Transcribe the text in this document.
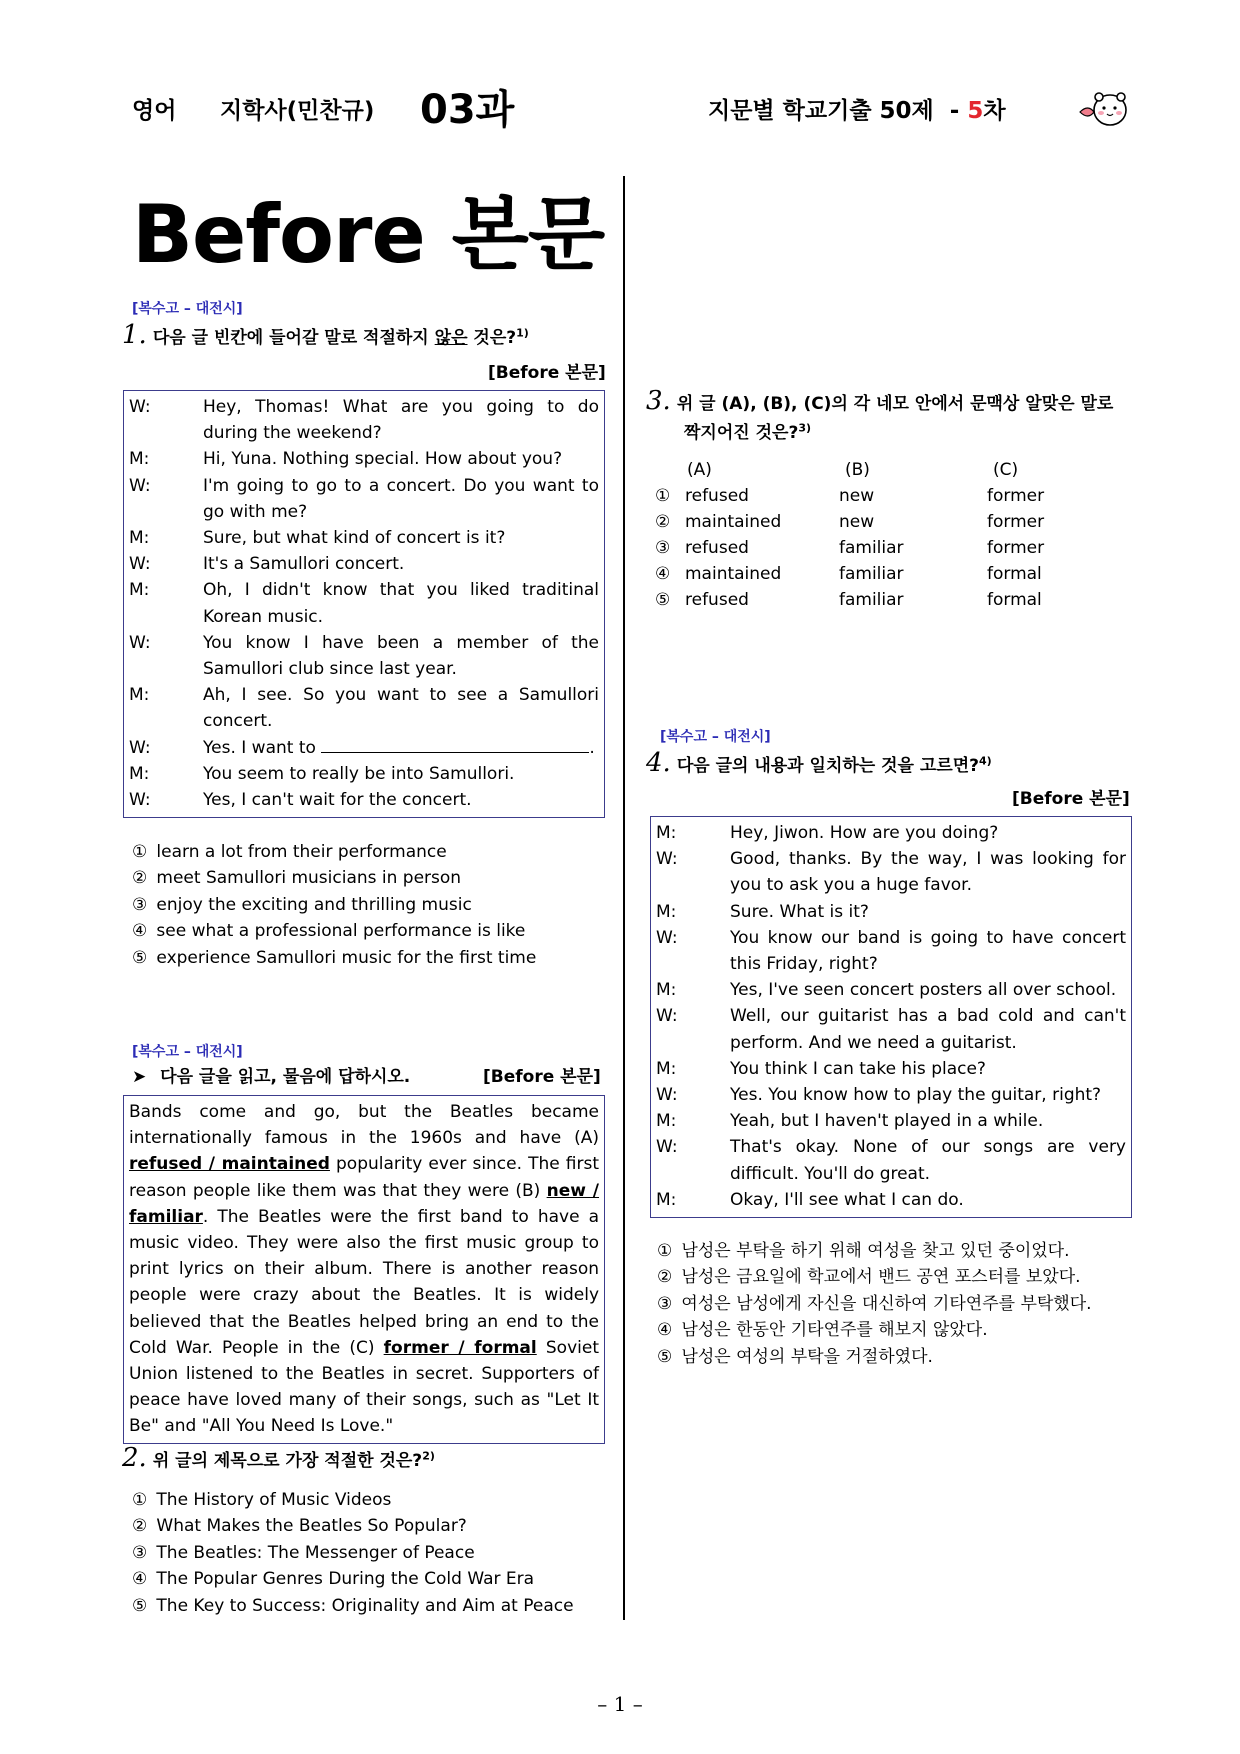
영어 지학사(민찬규) 03과	지문별 학교기출 50제 - 5차
Before 본문
[복수고 – 대전시]
1. 다음 글 빈칸에 들어갈 말로 적절하지 않은 것은?$^{1)}$
[Before 본문]
W:	Hey, Thomas! What are you going to do during the weekend?
M:	Hi, Yuna. Nothing special. How about you?
W:	I'm going to go to a concert. Do you want to go with me?
M:	Sure, but what kind of concert is it?
W:	It's a Samullori concert.
M:	Oh, I didn't know that you liked traditinal Korean music.
W:	You know I have been a member of the Samullori club since last year.
M:	Ah, I see. So you want to see a Samullori concert.
W:	Yes. I want to	.
M:	You seem to really be into Samullori.
W:	Yes, I can't wait for the concert.
① learn a lot from their performance
② meet Samullori musicians in person
③ enjoy the exciting and thrilling music
④ see what a professional performance is like
⑤ experience Samullori music for the first time
[복수고 – 대전시]
➤ 다음 글을 읽고, 물음에 답하시오.	[Before 본문]
Bands come and go, but the Beatles became internationally famous in the 1960s and have (A) refused / maintained popularity ever since. The first reason people like them was that they were (B) new / familiar. The Beatles were the first band to have a music video. They were also the first music group to print lyrics on their album. There is another reason people were crazy about the Beatles. It is widely believed that the Beatles helped bring an end to the Cold War. People in the (C) former / formal Soviet Union listened to the Beatles in secret. Supporters of peace have loved many of their songs, such as "Let It Be" and "All You Need Is Love."
2. 위 글의 제목으로 가장 적절한 것은?$^{2)}$
① The History of Music Videos
② What Makes the Beatles So Popular?
③ The Beatles: The Messenger of Peace
④ The Popular Genres During the Cold War Era
⑤ The Key to Success: Originality and Aim at Peace
3. 위 글 (A), (B), (C)의 각 네모 안에서 문맥상 알맞은 말로
짝지어진 것은?$^{3)}$
(A)	(B)	(C)
① refused	new	former
② maintained	new	former
③ refused	familiar	former
④ maintained	familiar	formal
⑤ refused	familiar	formal
[복수고 – 대전시]
4. 다음 글의 내용과 일치하는 것을 고르면?$^{4)}$
[Before 본문]
M:	Hey, Jiwon. How are you doing?
W:	Good, thanks. By the way, I was looking for you to ask you a huge favor.
M:	Sure. What is it?
W:	You know our band is going to have concert this Friday, right?
M:	Yes, I've seen concert posters all over school.
W:	Well, our guitarist has a bad cold and can't perform. And we need a guitarist.
M:	You think I can take his place?
W:	Yes. You know how to play the guitar, right?
M:	Yeah, but I haven't played in a while.
W:	That's okay. None of our songs are very difficult. You'll do great.
M:	Okay, I'll see what I can do.
① 남성은 부탁을 하기 위해 여성을 찾고 있던 중이었다.
② 남성은 금요일에 학교에서 밴드 공연 포스터를 보았다.
③ 여성은 남성에게 자신을 대신하여 기타연주를 부탁했다.
④ 남성은 한동안 기타연주를 해보지 않았다.
⑤ 남성은 여성의 부탁을 거절하였다.
– 1 –
